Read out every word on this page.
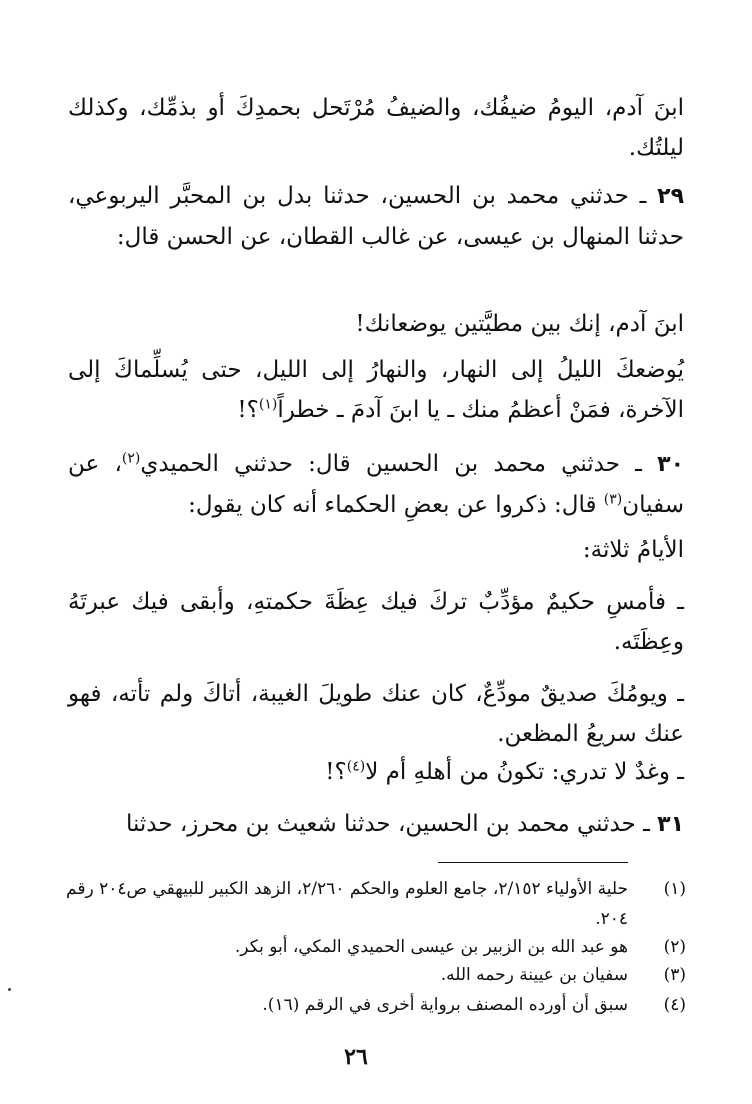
ابنَ آدم، اليومُ ضيفُك، والضيفُ مُرْتَحل بحمدِكَ أو بذمِّك، وكذلك ليلتُك.
٢٩ ـ حدثني محمد بن الحسين، حدثنا بدل بن المحبَّر اليربوعي، حدثنا المنهال بن عيسى، عن غالب القطان، عن الحسن قال:
ابنَ آدم، إنك بين مطيَّتين يوضعانك!
يُوضعكَ الليلُ إلى النهار، والنهارُ إلى الليل، حتى يُسلِّماكَ إلى الآخرة، فمَنْ أعظمُ منك ـ يا ابنَ آدمَ ـ خطراً$^{(١)}$؟!
٣٠ ـ حدثني محمد بن الحسين قال: حدثني الحميدي$^{(٢)}$، عن سفيان$^{(٣)}$ قال: ذكروا عن بعضِ الحكماء أنه كان يقول:
الأيامُ ثلاثة:
ـ فأمسِ حكيمٌ مؤدِّبٌ تركَ فيك عِظَةَ حكمتهِ، وأبقى فيك عبرتَهُ وعِظَتَه.
ـ ويومُكَ صديقٌ مودِّعٌ، كان عنك طويلَ الغيبة، أتاكَ ولم تأته، فهو عنك سريعُ المظعن.
ـ وغدٌ لا تدري: تكونُ من أهلهِ أم لا$^{(٤)}$؟!
٣١ ـ حدثني محمد بن الحسين، حدثنا شعيث بن محرز، حدثنا
(١)
حلية الأولياء ٢/١٥٢، جامع العلوم والحكم ٢/٢٦٠، الزهد الكبير للبيهقي ص٢٠٤ رقم ٢٠٤.
(٢)
هو عبد الله بن الزبير بن عيسى الحميدي المكي، أبو بكر.
(٣)
سفيان بن عيينة رحمه الله.
(٤)
سبق أن أورده المصنف برواية أخرى في الرقم (١٦).
٢٦
